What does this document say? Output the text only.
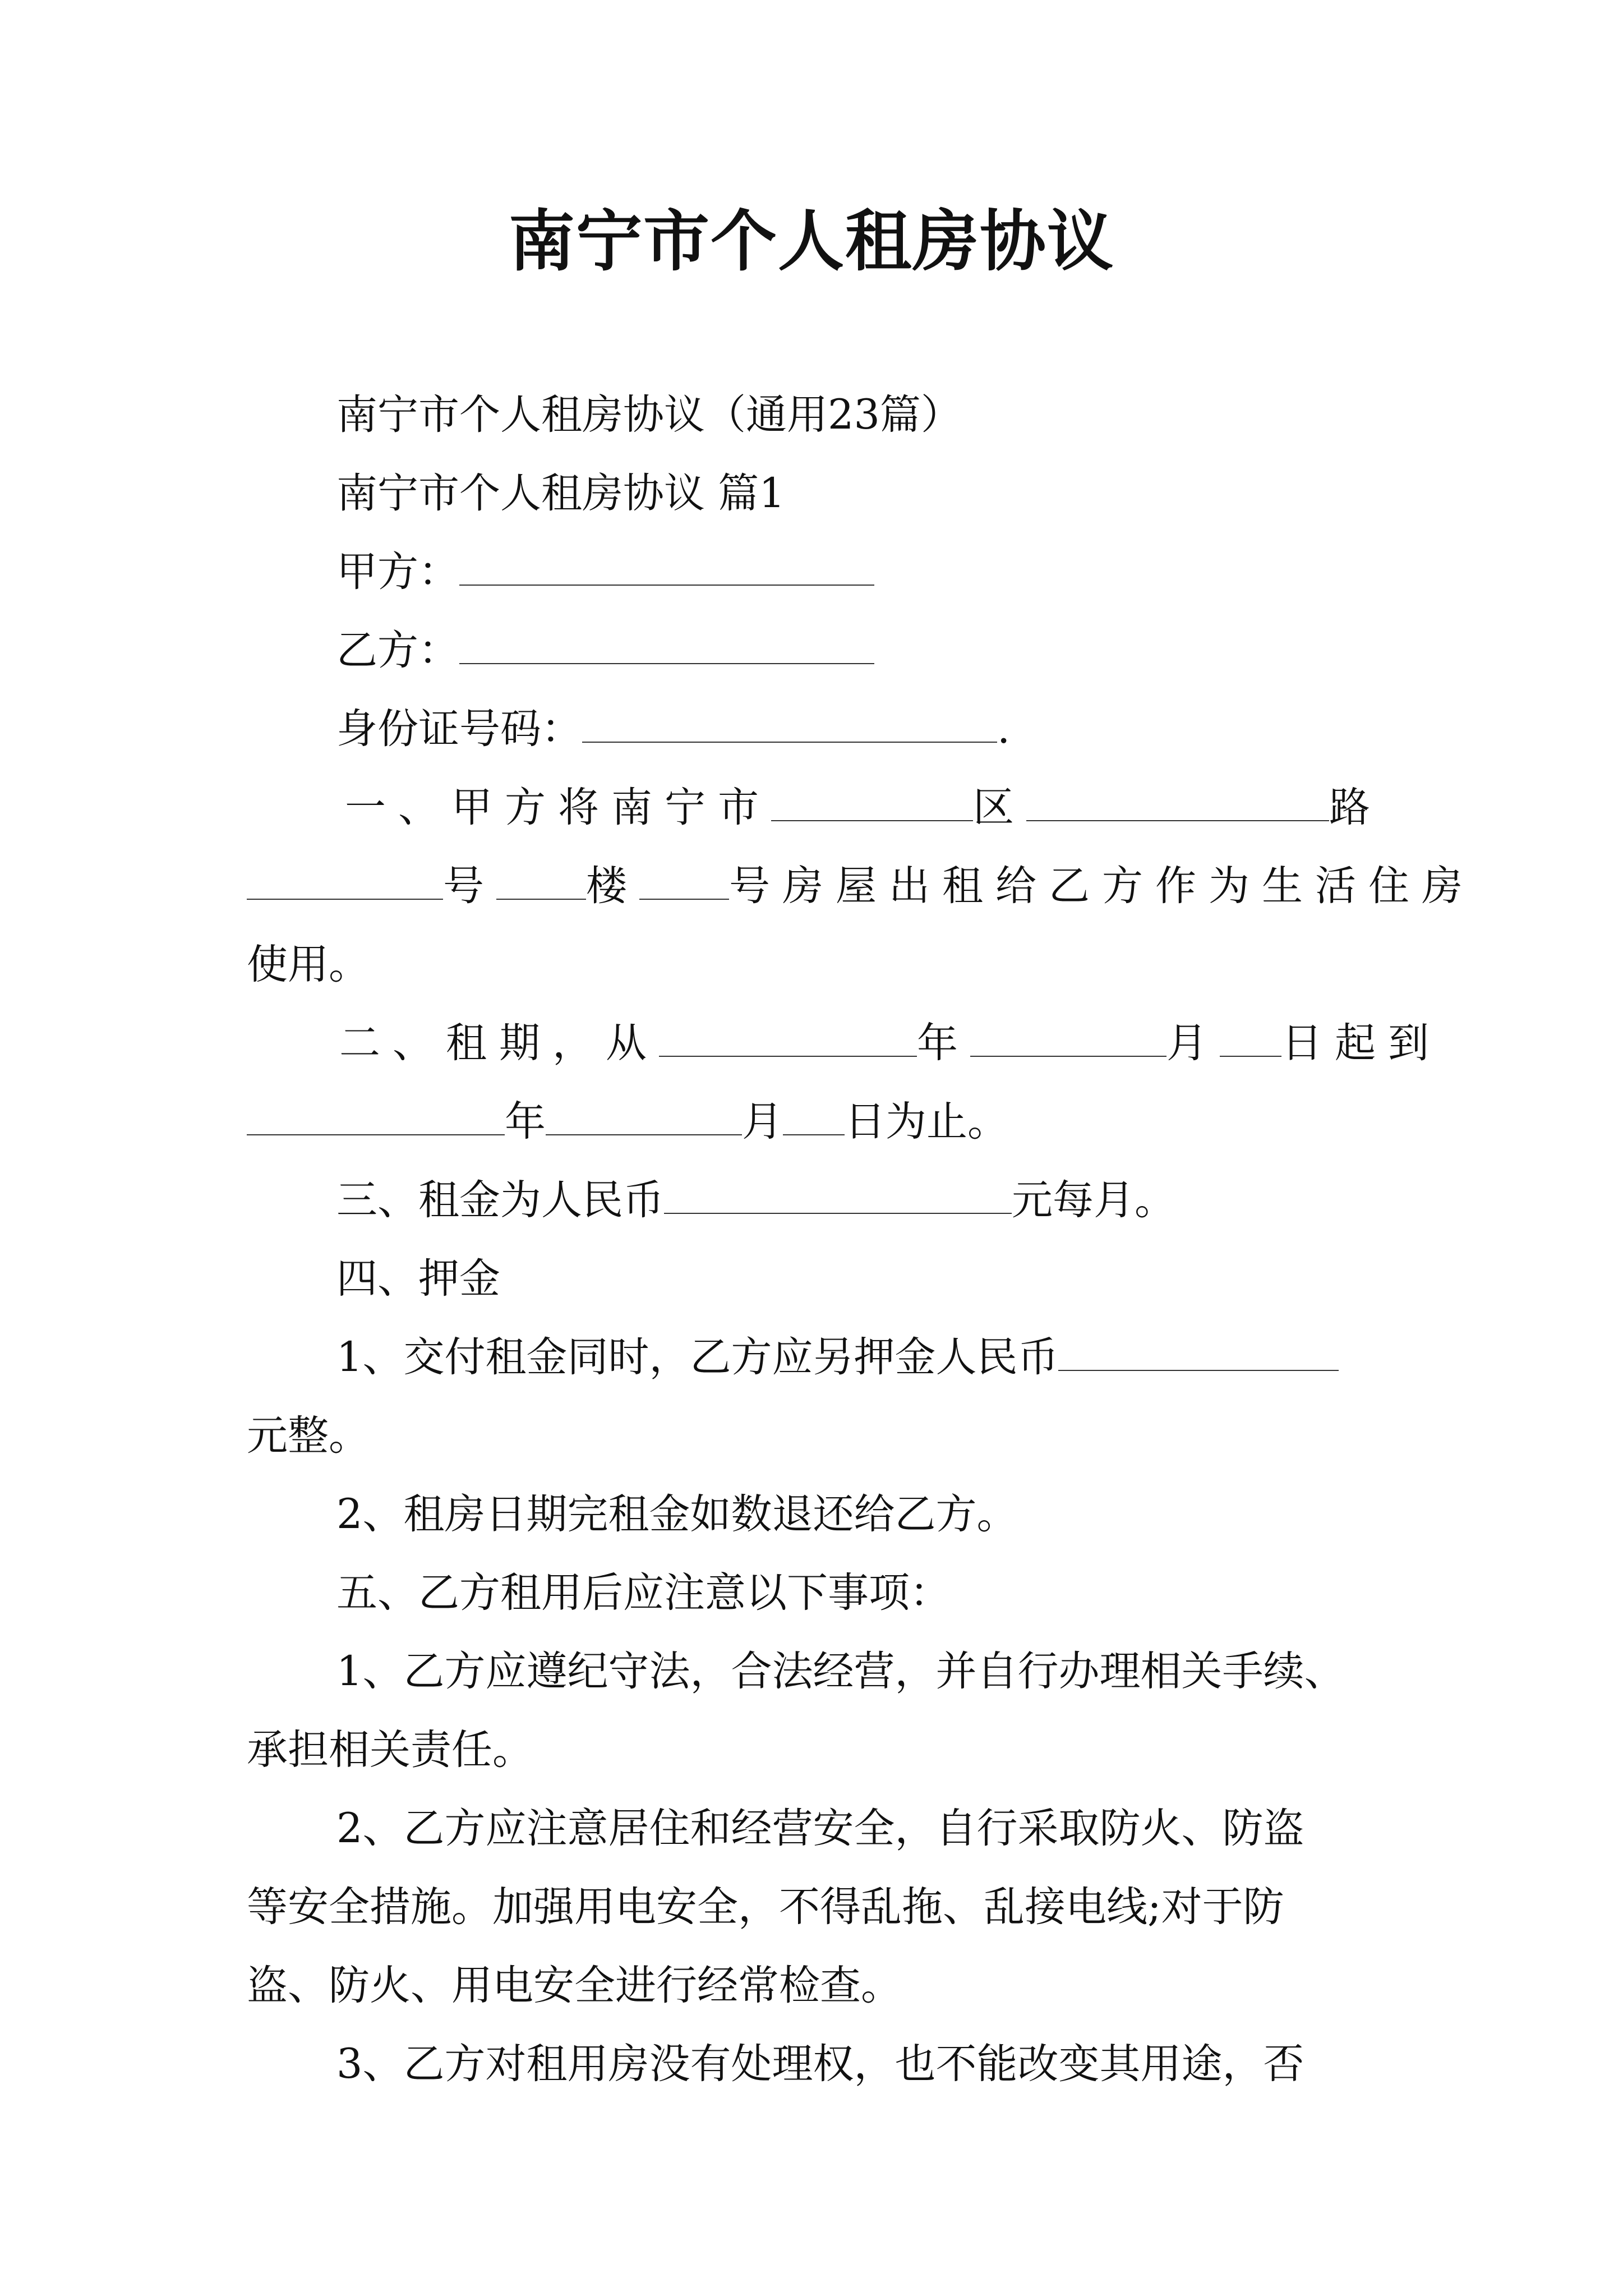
南宁市个人租房协议
南宁市个人租房协议（通用23篇）
南宁市个人租房协议 篇1
甲方：
乙方：
身份证号码：	.
一、甲方将南宁市	区	路
号 楼 号房屋出租给乙方作为生活住房
使用。
二、租期，从	年	月 日起到
年	月 日为止。
三、租金为人民币	元每月。
四、押金
1、交付租金同时，乙方应另押金人民币
元整。
2、租房日期完租金如数退还给乙方。
五、乙方租用后应注意以下事项：
1、乙方应遵纪守法，合法经营，并自行办理相关手续、
承担相关责任。
2、乙方应注意居住和经营安全，自行采取防火、防盗
等安全措施。加强用电安全，不得乱拖、乱接电线;对于防
盗、防火、用电安全进行经常检查。
3、乙方对租用房没有处理权，也不能改变其用途，否
